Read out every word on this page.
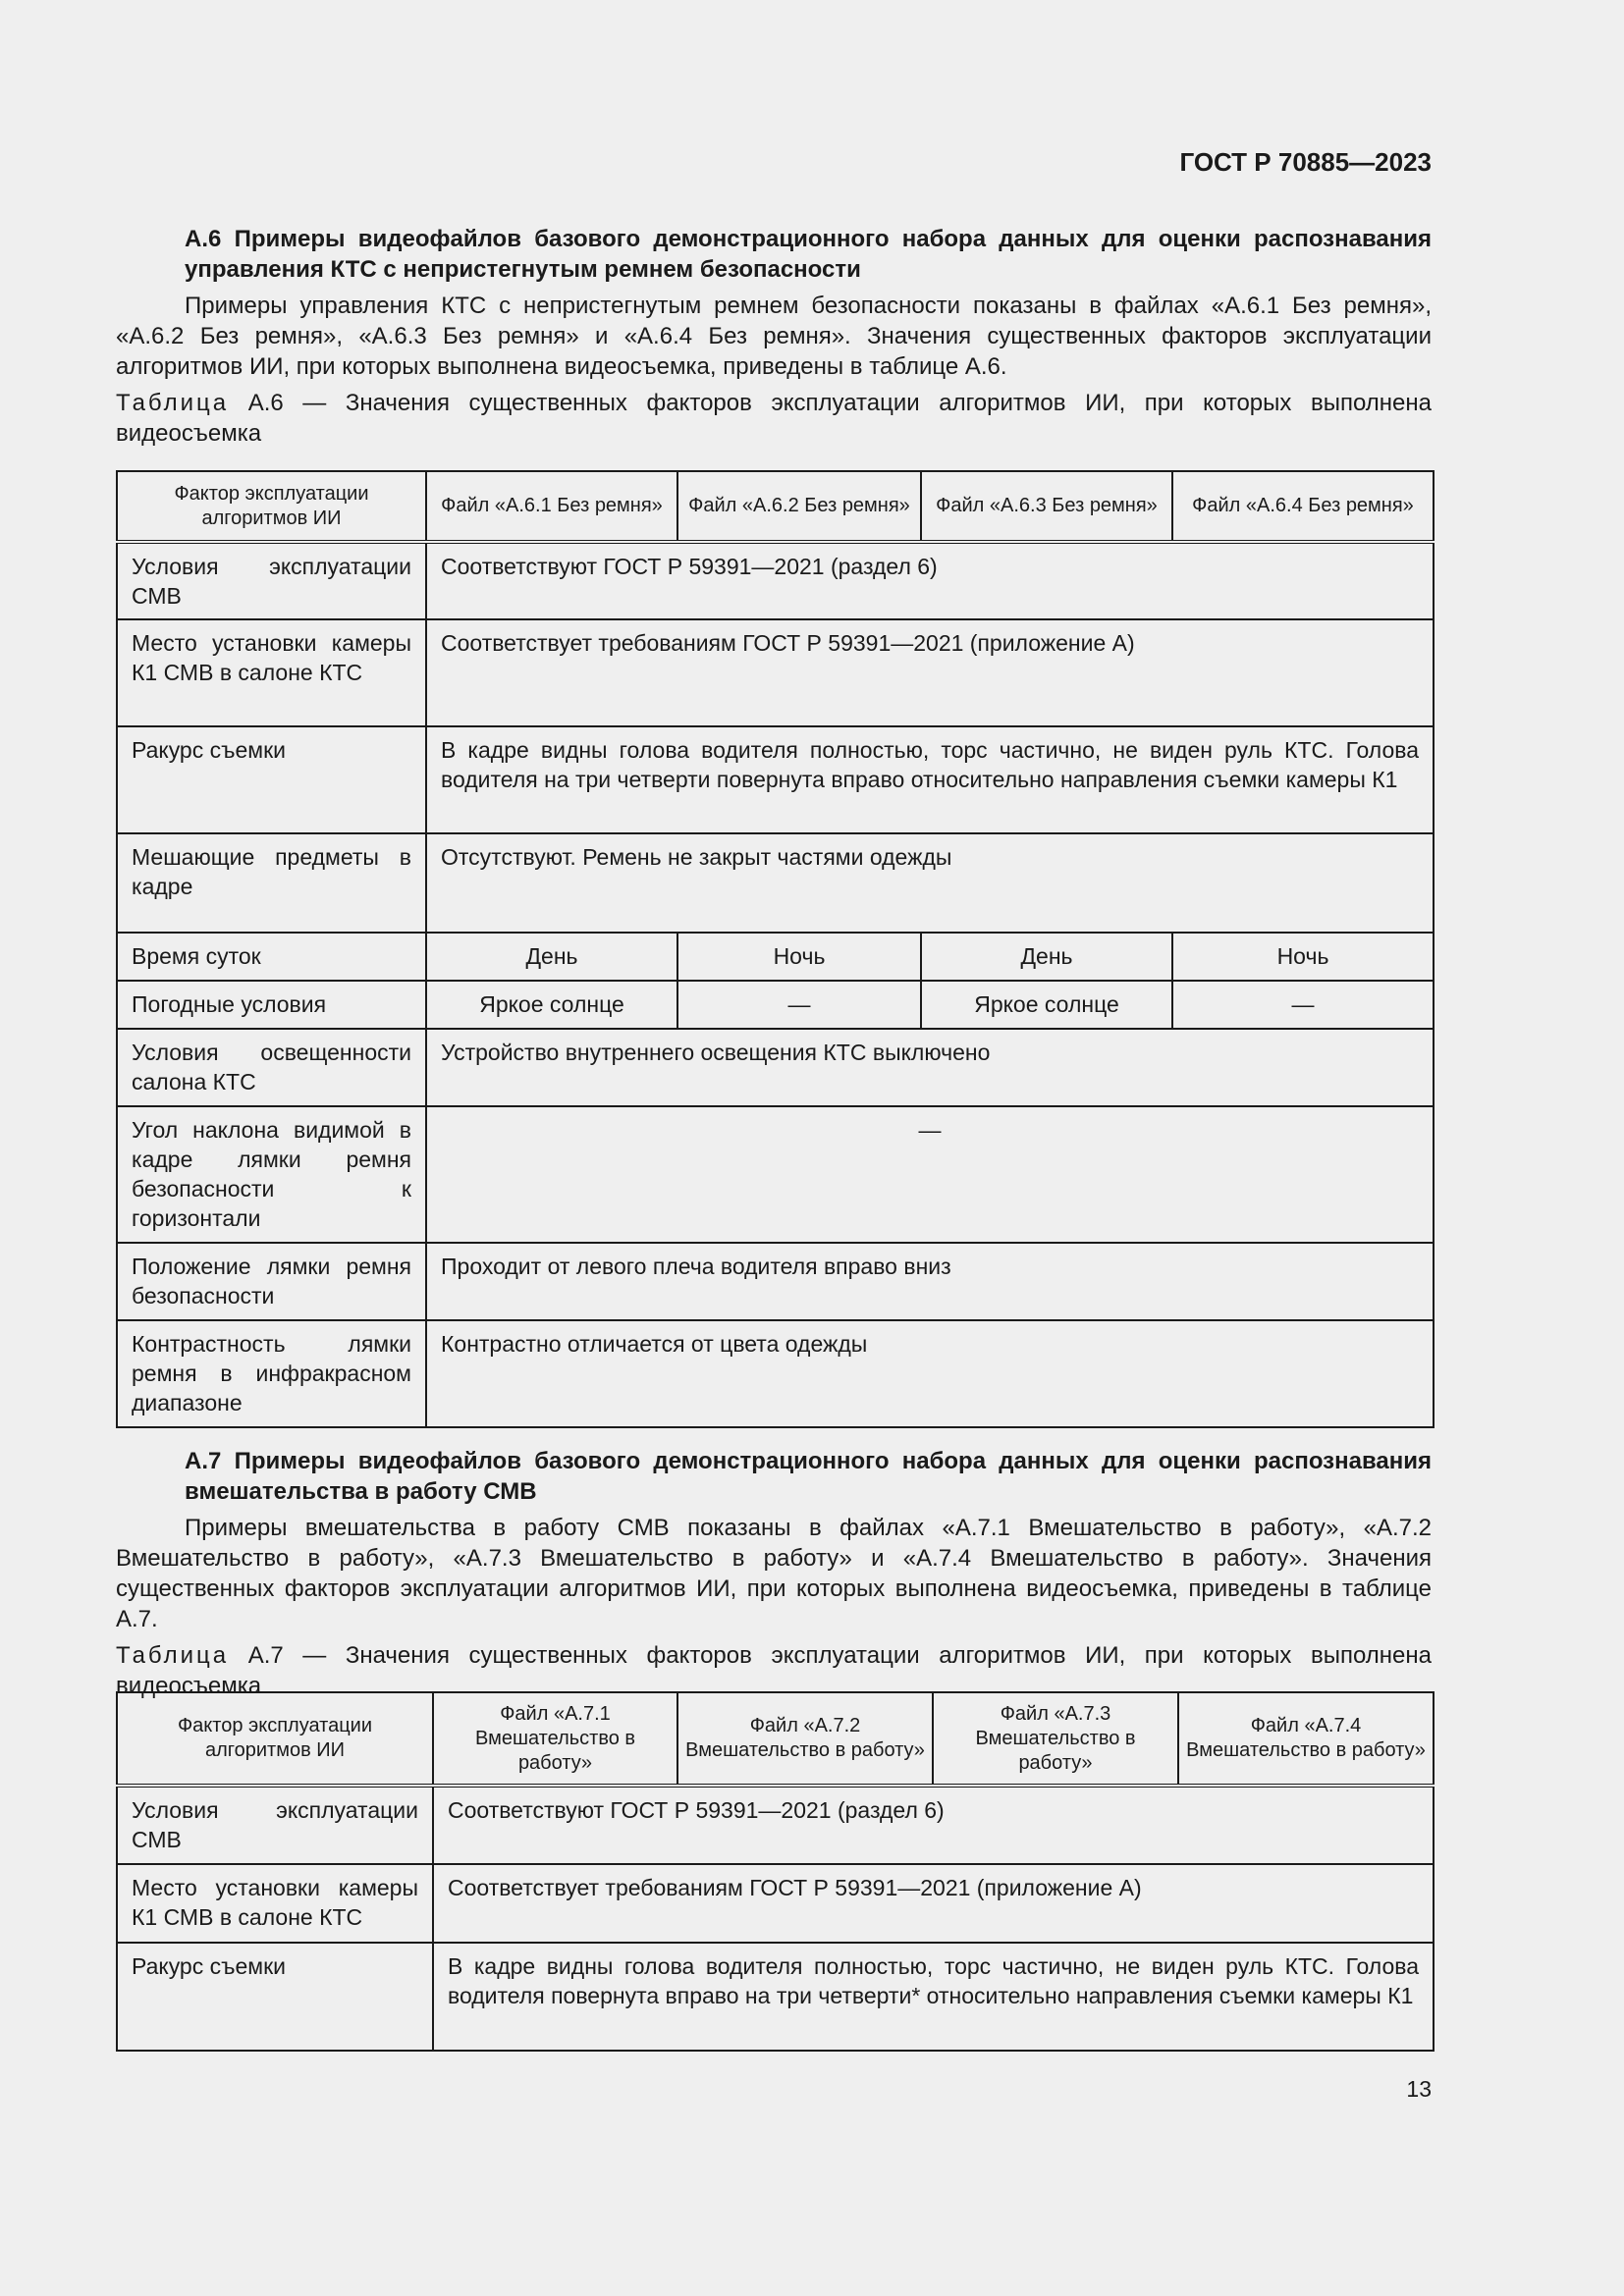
ГОСТ Р 70885—2023

А.6 Примеры видеофайлов базового демонстрационного набора данных для оценки распознавания управления КТС с непристегнутым ремнем безопасности

Примеры управления КТС с непристегнутым ремнем безопасности показаны в файлах «А.6.1 Без ремня», «А.6.2 Без ремня», «А.6.3 Без ремня» и «А.6.4 Без ремня». Значения существенных факторов эксплуатации алгоритмов ИИ, при которых выполнена видеосъемка, приведены в таблице А.6.

Таблица А.6 — Значения существенных факторов эксплуатации алгоритмов ИИ, при которых выполнена видеосъемка

Фактор эксплуатации алгоритмов ИИ	Файл «А.6.1 Без ремня»	Файл «А.6.2 Без ремня»	Файл «А.6.3 Без ремня»	Файл «А.6.4 Без ремня»
Условия эксплуатации СМВ	Соответствуют ГОСТ Р 59391—2021 (раздел 6)			
Место установки камеры К1 СМВ в салоне КТС	Соответствует требованиям ГОСТ Р 59391—2021 (приложение А)			
Ракурс съемки	В кадре видны голова водителя полностью, торс частично, не виден руль КТС. Голова водителя на три четверти повернута вправо относительно направления съемки камеры К1			
Мешающие предметы в кадре	Отсутствуют. Ремень не закрыт частями одежды			
Время суток	День	Ночь	День	Ночь
Погодные условия	Яркое солнце	—	Яркое солнце	—
Условия освещенности салона КТС	Устройство внутреннего освещения КТС выключено			
Угол наклона видимой в кадре лямки ремня безопасности к горизонтали	—			
Положение лямки ремня безопасности	Проходит от левого плеча водителя вправо вниз			
Контрастность лямки ремня в инфракрасном диапазоне	Контрастно отличается от цвета одежды			

А.7 Примеры видеофайлов базового демонстрационного набора данных для оценки распознавания вмешательства в работу СМВ

Примеры вмешательства в работу СМВ показаны в файлах «А.7.1 Вмешательство в работу», «А.7.2 Вмешательство в работу», «А.7.3 Вмешательство в работу» и «А.7.4 Вмешательство в работу». Значения существенных факторов эксплуатации алгоритмов ИИ, при которых выполнена видеосъемка, приведены в таблице А.7.

Таблица А.7 — Значения существенных факторов эксплуатации алгоритмов ИИ, при которых выполнена видеосъемка

Фактор эксплуатации алгоритмов ИИ	Файл «А.7.1 Вмешательство в работу»	Файл «А.7.2 Вмешательство в работу»	Файл «А.7.3 Вмешательство в работу»	Файл «А.7.4 Вмешательство в работу»
Условия эксплуатации СМВ	Соответствуют ГОСТ Р 59391—2021 (раздел 6)			
Место установки камеры К1 СМВ в салоне КТС	Соответствует требованиям ГОСТ Р 59391—2021 (приложение А)			
Ракурс съемки	В кадре видны голова водителя полностью, торс частично, не виден руль КТС. Голова водителя повернута вправо на три четверти* относительно направления съемки камеры К1			
13
